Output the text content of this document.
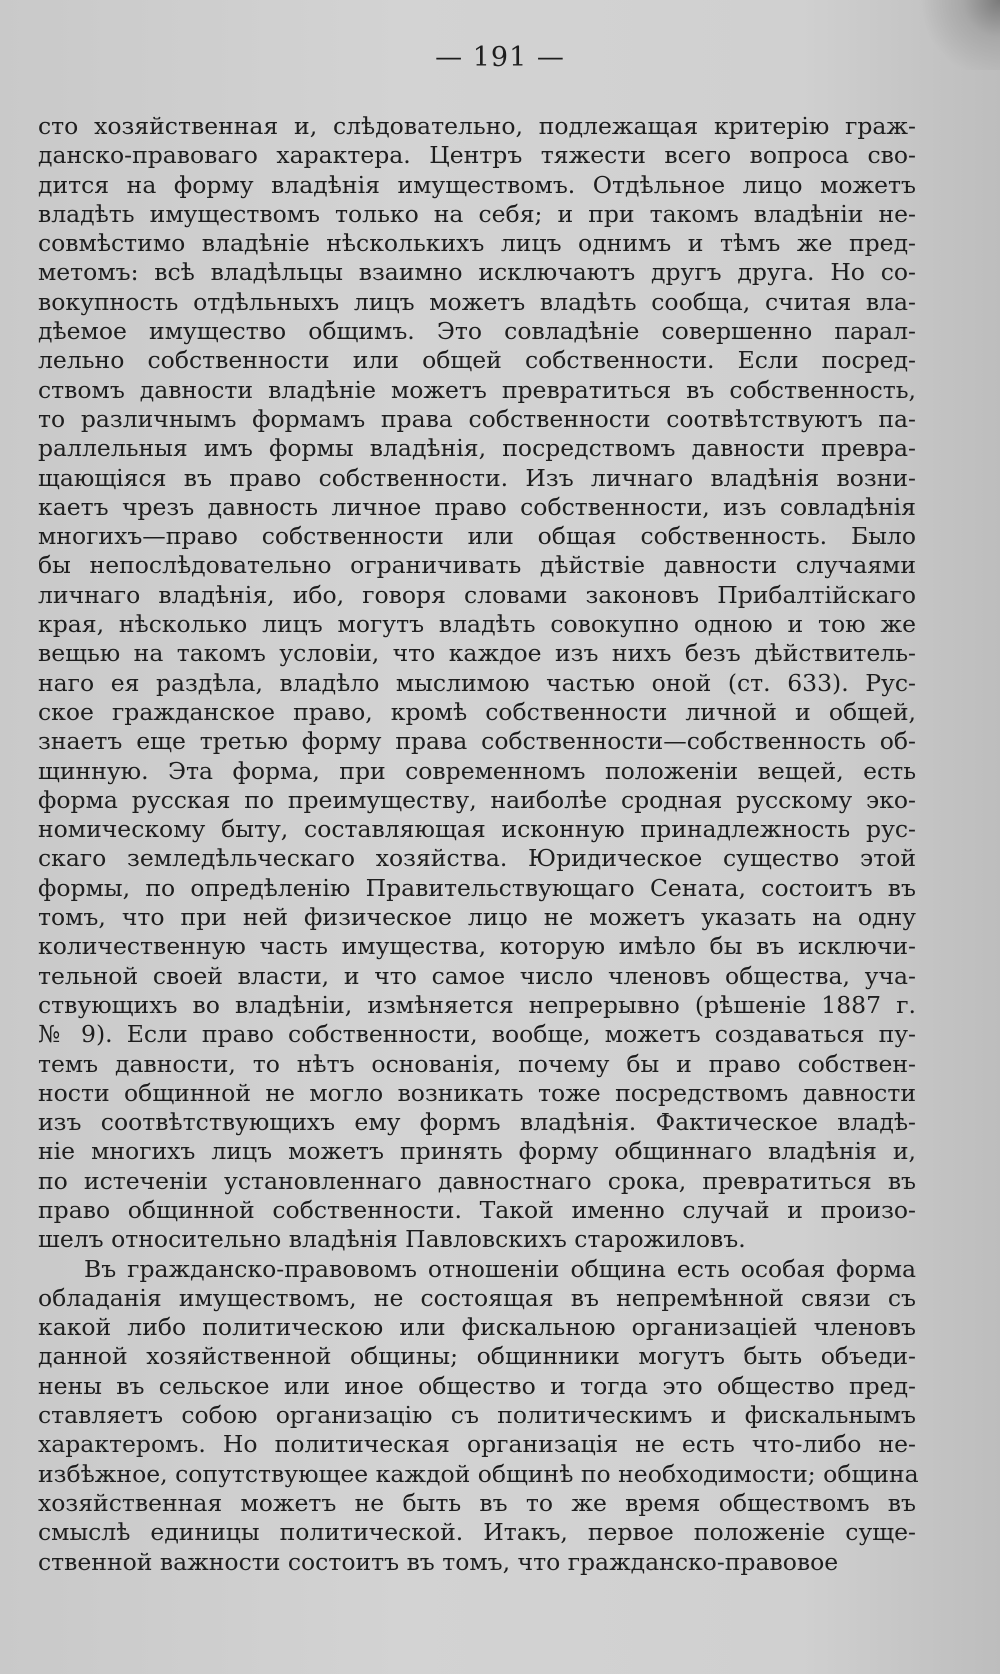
— 191 —
сто хозяйственная и, слѣдовательно, подлежащая критерію граж-
данско-правоваго характера. Центръ тяжести всего вопроса сво-
дится на форму владѣнія имуществомъ. Отдѣльное лицо можетъ
владѣть имуществомъ только на себя; и при такомъ владѣніи не-
совмѣстимо владѣніе нѣсколькихъ лицъ однимъ и тѣмъ же пред-
метомъ: всѣ владѣльцы взаимно исключаютъ другъ друга. Но со-
вокупность отдѣльныхъ лицъ можетъ владѣть сообща, считая вла-
дѣемое имущество общимъ. Это совладѣніе совершенно парал-
лельно собственности или общей собственности. Если посред-
ствомъ давности владѣніе можетъ превратиться въ собственность,
то различнымъ формамъ права собственности соотвѣтствуютъ па-
раллельныя имъ формы владѣнія, посредствомъ давности превра-
щающіяся въ право собственности. Изъ личнаго владѣнія возни-
каетъ чрезъ давность личное право собственности, изъ совладѣнія
многихъ—право собственности или общая собственность. Было
бы непослѣдовательно ограничивать дѣйствіе давности случаями
личнаго владѣнія, ибо, говоря словами законовъ Прибалтійскаго
края, нѣсколько лицъ могутъ владѣть совокупно одною и тою же
вещью на такомъ условіи, что каждое изъ нихъ безъ дѣйствитель-
наго ея раздѣла, владѣло мыслимою частью оной (ст. 633). Рус-
ское гражданское право, кромѣ собственности личной и общей,
знаетъ еще третью форму права собственности—собственность об-
щинную. Эта форма, при современномъ положеніи вещей, есть
форма русская по преимуществу, наиболѣе сродная русскому эко-
номическому быту, составляющая исконную принадлежность рус-
скаго земледѣльческаго хозяйства. Юридическое существо этой
формы, по опредѣленію Правительствующаго Сената, состоитъ въ
томъ, что при ней физическое лицо не можетъ указать на одну
количественную часть имущества, которую имѣло бы въ исключи-
тельной своей власти, и что самое число членовъ общества, уча-
ствующихъ во владѣніи, измѣняется непрерывно (рѣшеніе 1887 г.
№ 9). Если право собственности, вообще, можетъ создаваться пу-
темъ давности, то нѣтъ основанія, почему бы и право собствен-
ности общинной не могло возникать тоже посредствомъ давности
изъ соотвѣтствующихъ ему формъ владѣнія. Фактическое владѣ-
ніе многихъ лицъ можетъ принять форму общиннаго владѣнія и,
по истеченіи установленнаго давностнаго срока, превратиться въ
право общинной собственности. Такой именно случай и произо-
шелъ относительно владѣнія Павловскихъ старожиловъ.
Въ гражданско-правовомъ отношеніи община есть особая форма
обладанія имуществомъ, не состоящая въ непремѣнной связи съ
какой либо политическою или фискальною организаціей членовъ
данной хозяйственной общины; общинники могутъ быть объеди-
нены въ сельское или иное общество и тогда это общество пред-
ставляетъ собою организацію съ политическимъ и фискальнымъ
характеромъ. Но политическая организація не есть что-либо не-
избѣжное, сопутствующее каждой общинѣ по необходимости; община
хозяйственная можетъ не быть въ то же время обществомъ въ
смыслѣ единицы политической. Итакъ, первое положеніе суще-
ственной важности состоитъ въ томъ, что гражданско-правовое
